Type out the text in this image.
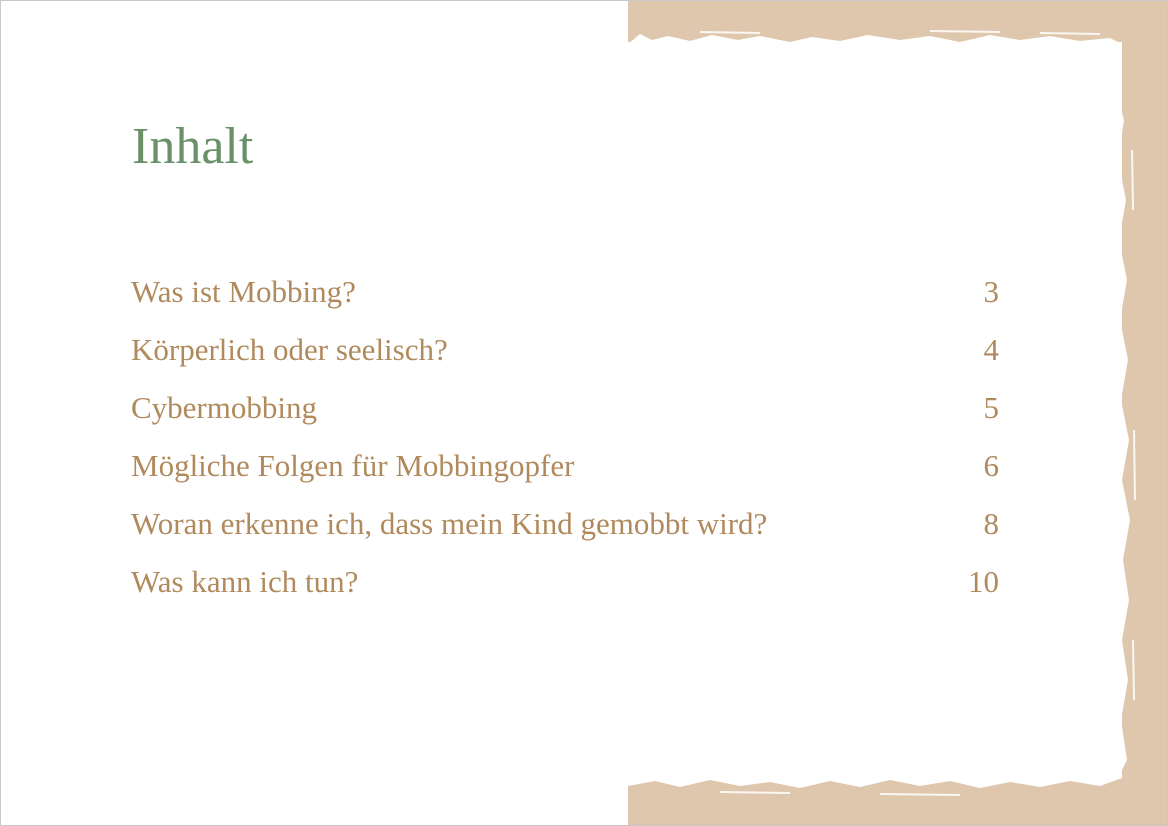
Inhalt
Was ist Mobbing?	3
Körperlich oder seelisch?	4
Cybermobbing	5
Mögliche Folgen für Mobbingopfer	6
Woran erkenne ich, dass mein Kind gemobbt wird?	8
Was kann ich tun?	10
